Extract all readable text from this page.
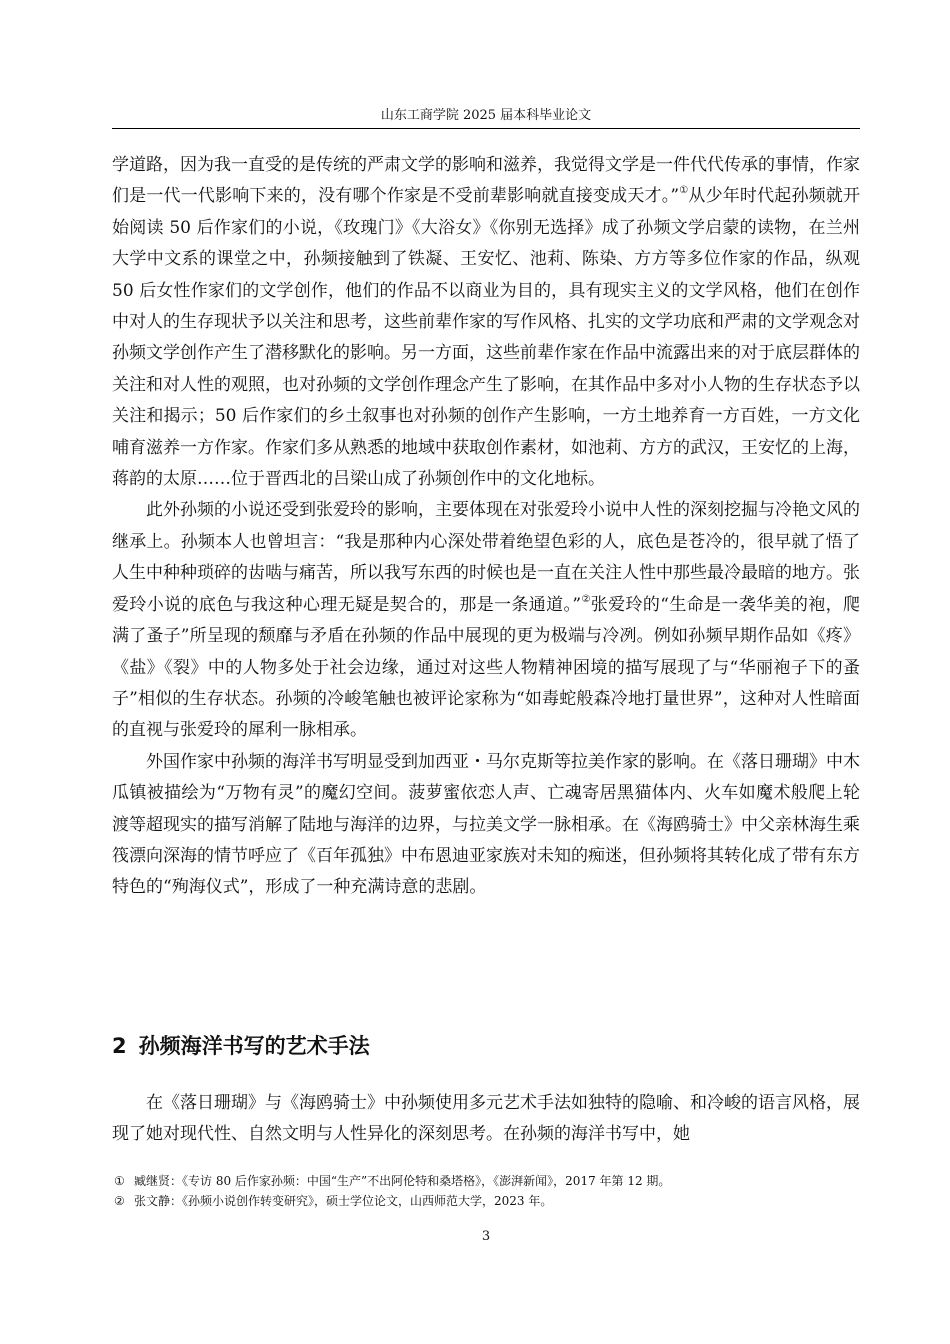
山东工商学院 2025 届本科毕业论文

学道路，因为我一直受的是传统的严肃文学的影响和滋养，我觉得文学是一件代代传承的事情，作家们是一代一代影响下来的，没有哪个作家是不受前辈影响就直接变成天才。”①从少年时代起孙频就开始阅读 50 后作家们的小说，《玫瑰门》《大浴女》《你别无选择》成了孙频文学启蒙的读物，在兰州大学中文系的课堂之中，孙频接触到了铁凝、王安忆、池莉、陈染、方方等多位作家的作品，纵观 50 后女性作家们的文学创作，他们的作品不以商业为目的，具有现实主义的文学风格，他们在创作中对人的生存现状予以关注和思考，这些前辈作家的写作风格、扎实的文学功底和严肃的文学观念对孙频文学创作产生了潜移默化的影响。另一方面，这些前辈作家在作品中流露出来的对于底层群体的关注和对人性的观照，也对孙频的文学创作理念产生了影响，在其作品中多对小人物的生存状态予以关注和揭示；50 后作家们的乡土叙事也对孙频的创作产生影响，一方土地养育一方百姓，一方文化哺育滋养一方作家。作家们多从熟悉的地域中获取创作素材，如池莉、方方的武汉，王安忆的上海，蒋韵的太原……位于晋西北的吕梁山成了孙频创作中的文化地标。

此外孙频的小说还受到张爱玲的影响，主要体现在对张爱玲小说中人性的深刻挖掘与冷艳文风的继承上。孙频本人也曾坦言：“我是那种内心深处带着绝望色彩的人，底色是苍冷的，很早就了悟了人生中种种琐碎的齿啮与痛苦，所以我写东西的时候也是一直在关注人性中那些最冷最暗的地方。张爱玲小说的底色与我这种心理无疑是契合的，那是一条通道。”②张爱玲的“生命是一袭华美的袍，爬满了蚤子”所呈现的颓靡与矛盾在孙频的作品中展现的更为极端与冷冽。例如孙频早期作品如《疼》《盐》《裂》中的人物多处于社会边缘，通过对这些人物精神困境的描写展现了与“华丽袍子下的蚤子”相似的生存状态。孙频的冷峻笔触也被评论家称为“如毒蛇般森冷地打量世界”，这种对人性暗面的直视与张爱玲的犀利一脉相承。

外国作家中孙频的海洋书写明显受到加西亚・马尔克斯等拉美作家的影响。在《落日珊瑚》中木瓜镇被描绘为“万物有灵”的魔幻空间。菠萝蜜依恋人声、亡魂寄居黑猫体内、火车如魔术般爬上轮渡等超现实的描写消解了陆地与海洋的边界，与拉美文学一脉相承。在《海鸥骑士》中父亲林海生乘筏漂向深海的情节呼应了《百年孤独》中布恩迪亚家族对未知的痴迷，但孙频将其转化成了带有东方特色的“殉海仪式”，形成了一种充满诗意的悲剧。

2 孙频海洋书写的艺术手法

在《落日珊瑚》与《海鸥骑士》中孙频使用多元艺术手法如独特的隐喻、和冷峻的语言风格，展现了她对现代性、自然文明与人性异化的深刻思考。在孙频的海洋书写中，她

① 臧继贤：《专访 80 后作家孙频：中国“生产”不出阿伦特和桑塔格》，《澎湃新闻》，2017 年第 12 期。
② 张文静：《孙频小说创作转变研究》，硕士学位论文，山西师范大学，2023 年。
3
